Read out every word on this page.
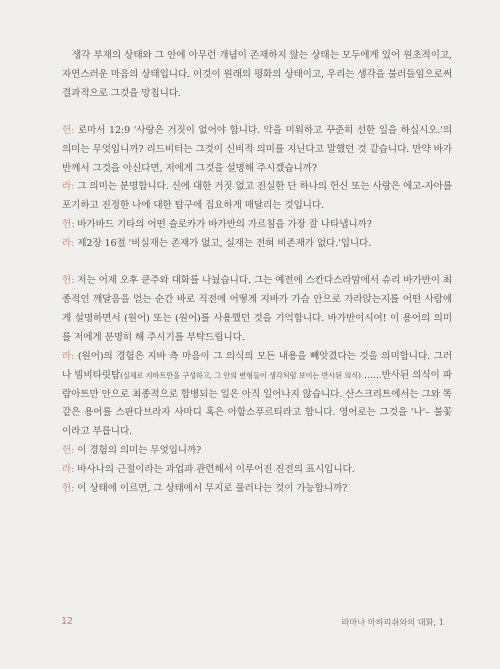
생각 부재의 상태와 그 안에 아무런 개념이 존재하지 않는 상태는 모두에게 있어 원초적이고, 자연스러운 마음의 상태입니다. 이것이 원래의 평화의 상태이고, 우리는 생각을 불러들임으로써 결과적으로 그것을 망칩니다.

헌: 로마서 12:9 '사랑은 거짓이 없어야 합니다. 악을 미워하고 꾸준히 선한 일을 하십시오.'의 의미는 무엇입니까? 리드비터는 그것이 신비적 의미를 지닌다고 말했던 것 같습니다. 만약 바가반께서 그것을 아신다면, 저에게 그것을 설명해 주시겠습니까?

라: 그 의미는 분명합니다. 신에 대한 거짓 없고 진실한 단 하나의 헌신 또는 사랑은 에고-자아를 포기하고 진정한 나에 대한 탐구에 집요하게 매달리는 것입니다.

헌: 바가바드 기타의 어떤 슬로카가 바가반의 가르침을 가장 잘 나타냅니까?

라: 제2장 16절 '비실재는 존재가 없고, 실재는 전혀 비존재가 없다.'입니다.

헌: 저는 어제 오후 쿤주와 대화를 나눴습니다. 그는 예전에 스칸다스라맘에서 슈리 바가반이 최종적인 깨달음을 얻는 순간 바로 직전에 어떻게 지바가 가슴 안으로 가라앉는지를 어떤 사람에게 설명하면서 (원어) 또는 (원어)를 사용했던 것을 기억합니다. 바가반이시여! 이 용어의 의미를 저에게 분명히 해 주시기를 부탁드립니다.

라: (원어)의 경험은 지바 측 마음이 그 의식의 모든 내용을 빼앗겼다는 것을 의미합니다. 그러나 빔비타릿탐(실체로 지바트만을 구성하고, 그 안의 변형들이 생각처럼 보이는 반사된 의식) ......반사된 의식이 파람아트만 안으로 최종적으로 합병되는 일은 아직 일어나지 않습니다. 산스크리트에서는 그와 똑같은 용어를 스판다브라자 사마디 혹은 아함스푸르티라고 합니다. 영어로는 그것을 '나'– 불꽃이라고 부릅니다.

헌: 이 경험의 의미는 무엇입니까?

라: 바사나의 근절이라는 과업과 관련해서 이루어진 진전의 표시입니다.

헌: 이 상태에 이르면, 그 상태에서 무지로 물러나는 것이 가능합니까?

12	라마나 마하리쉬와의 대화, 1
